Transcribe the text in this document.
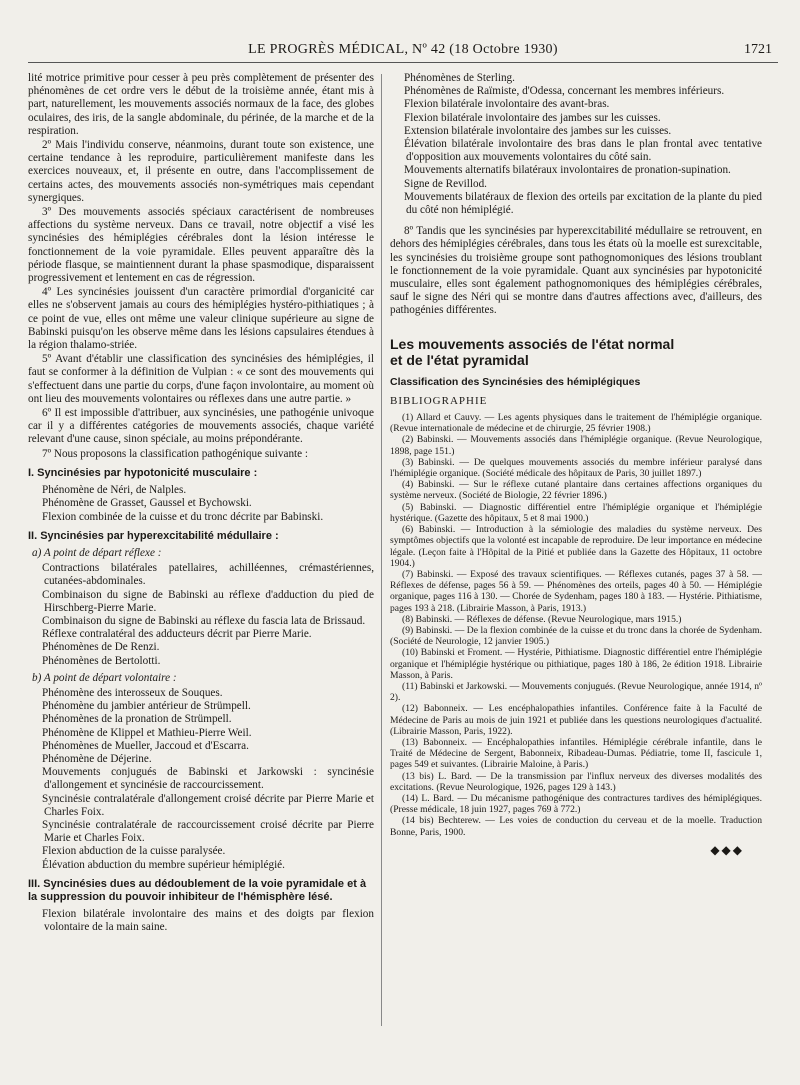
LE PROGRÈS MÉDICAL, Nº 42 (18 Octobre 1930)	1721

lité motrice primitive pour cesser à peu près complètement de présenter des phénomènes de cet ordre vers le début de la troisième année, étant mis à part, naturellement, les mouvements associés normaux de la face, des globes oculaires, des iris, de la sangle abdominale, du périnée, de la marche et de la respiration.

2º Mais l'individu conserve, néanmoins, durant toute son existence, une certaine tendance à les reproduire, particulièrement manifeste dans les exercices nouveaux, et, il présente en outre, dans l'accomplissement de certains actes, des mouvements associés non-symétriques mais cependant synergiques.

3º Des mouvements associés spéciaux caractérisent de nombreuses affections du système nerveux. Dans ce travail, notre objectif a visé les syncinésies des hémiplégies cérébrales dont la lésion intéresse le fonctionnement de la voie pyramidale. Elles peuvent apparaître dès la période flasque, se maintiennent durant la phase spasmodique, disparaissent progressivement et lentement en cas de régression.

4º Les syncinésies jouissent d'un caractère primordial d'organicité car elles ne s'observent jamais au cours des hémiplégies hystéro-pithiatiques ; à ce point de vue, elles ont même une valeur clinique supérieure au signe de Babinski puisqu'on les observe même dans les lésions capsulaires étendues à la région thalamo-striée.

5º Avant d'établir une classification des syncinésies des hémiplégies, il faut se conformer à la définition de Vulpian : « ce sont des mouvements qui s'effectuent dans une partie du corps, d'une façon involontaire, au moment où ont lieu des mouvements volontaires ou réflexes dans une autre partie. »

6º Il est impossible d'attribuer, aux syncinésies, une pathogénie univoque car il y a différentes catégories de mouvements associés, chaque variété relevant d'une cause, sinon spéciale, au moins prépondérante.

7º Nous proposons la classification pathogénique suivante :

I. Syncinésies par hypotonicité musculaire :

Phénomène de Néri, de Nalples.

Phénomène de Grasset, Gaussel et Bychowski.

Flexion combinée de la cuisse et du tronc décrite par Babinski.

II. Syncinésies par hyperexcitabilité médullaire :

a) A point de départ réflexe :

Contractions bilatérales patellaires, achilléennes, crémastériennes, cutanées-abdominales.

Combinaison du signe de Babinski au réflexe d'adduction du pied de Hirschberg-Pierre Marie.

Combinaison du signe de Babinski au réflexe du fascia lata de Brissaud.

Réflexe contralatéral des adducteurs décrit par Pierre Marie.

Phénomènes de De Renzi.

Phénomènes de Bertolotti.

b) A point de départ volontaire :

Phénomène des interosseux de Souques.

Phénomène du jambier antérieur de Strümpell.

Phénomènes de la pronation de Strümpell.

Phénomène de Klippel et Mathieu-Pierre Weil.

Phénomènes de Mueller, Jaccoud et d'Escarra.

Phénomène de Déjerine.

Mouvements conjugués de Babinski et Jarkowski : syncinésie d'allongement et syncinésie de raccourcissement.

Syncinésie contralatérale d'allongement croisé décrite par Pierre Marie et Charles Foix.

Syncinésie contralatérale de raccourcissement croisé décrite par Pierre Marie et Charles Foix.

Flexion abduction de la cuisse paralysée.

Élévation abduction du membre supérieur hémiplégié.

III. Syncinésies dues au dédoublement de la voie pyramidale et à la suppression du pouvoir inhibiteur de l'hémisphère lésé.

Flexion bilatérale involontaire des mains et des doigts par flexion volontaire de la main saine.

Phénomènes de Sterling.

Phénomènes de Raïmiste, d'Odessa, concernant les membres inférieurs.

Flexion bilatérale involontaire des avant-bras.

Flexion bilatérale involontaire des jambes sur les cuisses.

Extension bilatérale involontaire des jambes sur les cuisses.

Élévation bilatérale involontaire des bras dans le plan frontal avec tentative d'opposition aux mouvements volontaires du côté sain.

Mouvements alternatifs bilatéraux involontaires de pronation-supination.

Signe de Revillod.

Mouvements bilatéraux de flexion des orteils par excitation de la plante du pied du côté non hémiplégié.

8º Tandis que les syncinésies par hyperexcitabilité médullaire se retrouvent, en dehors des hémiplégies cérébrales, dans tous les états où la moelle est surexcitable, les syncinésies du troisième groupe sont pathognomoniques des lésions troublant le fonctionnement de la voie pyramidale. Quant aux syncinésies par hypotonicité musculaire, elles sont également pathognomoniques des hémiplégies cérébrales, sauf le signe des Néri qui se montre dans d'autres affections avec, d'ailleurs, des pathogénies différentes.

Les mouvements associés de l'état normal

et de l'état pyramidal

Classification des Syncinésies des hémiplégiques

BIBLIOGRAPHIE

(1) Allard et Cauvy. — Les agents physiques dans le traitement de l'hémiplégie organique. (Revue internationale de médecine et de chirurgie, 25 février 1908.)

(2) Babinski. — Mouvements associés dans l'hémiplégie organique. (Revue Neurologique, 1898, page 151.)

(3) Babinski. — De quelques mouvements associés du membre inférieur paralysé dans l'hémiplégie organique. (Société médicale des hôpitaux de Paris, 30 juillet 1897.)

(4) Babinski. — Sur le réflexe cutané plantaire dans certaines affections organiques du système nerveux. (Société de Biologie, 22 février 1896.)

(5) Babinski. — Diagnostic différentiel entre l'hémiplégie organique et l'hémiplégie hystérique. (Gazette des hôpitaux, 5 et 8 mai 1900.)

(6) Babinski. — Introduction à la sémiologie des maladies du système nerveux. Des symptômes objectifs que la volonté est incapable de reproduire. De leur importance en médecine légale. (Leçon faite à l'Hôpital de la Pitié et publiée dans la Gazette des Hôpitaux, 11 octobre 1904.)

(7) Babinski. — Exposé des travaux scientifiques. — Réflexes cutanés, pages 37 à 58. — Réflexes de défense, pages 56 à 59. — Phénomènes des orteils, pages 40 à 50. — Hémiplégie organique, pages 116 à 130. — Chorée de Sydenham, pages 180 à 183. — Hystérie. Pithiatisme, pages 193 à 218. (Librairie Masson, à Paris, 1913.)

(8) Babinski. — Réflexes de défense. (Revue Neurologique, mars 1915.)

(9) Babinski. — De la flexion combinée de la cuisse et du tronc dans la chorée de Sydenham. (Société de Neurologie, 12 janvier 1905.)

(10) Babinski et Froment. — Hystérie, Pithiatisme. Diagnostic différentiel entre l'hémiplégie organique et l'hémiplégie hystérique ou pithiatique, pages 180 à 186, 2e édition 1918. Librairie Masson, à Paris.

(11) Babinski et Jarkowski. — Mouvements conjugués. (Revue Neurologique, année 1914, nº 2).

(12) Babonneix. — Les encéphalopathies infantiles. Conférence faite à la Faculté de Médecine de Paris au mois de juin 1921 et publiée dans les questions neurologiques d'actualité. (Librairie Masson, Paris, 1922).

(13) Babonneix. — Encéphalopathies infantiles. Hémiplégie cérébrale infantile, dans le Traité de Médecine de Sergent, Babonneix, Ribadeau-Dumas. Pédiatrie, tome II, fascicule 1, pages 549 et suivantes. (Librairie Maloine, à Paris.)

(13 bis) L. Bard. — De la transmission par l'influx nerveux des diverses modalités des excitations. (Revue Neurologique, 1926, pages 129 à 143.)

(14) L. Bard. — Du mécanisme pathogénique des contractures tardives des hémiplégiques. (Presse médicale, 18 juin 1927, pages 769 à 772.)

(14 bis) Bechterew. — Les voies de conduction du cerveau et de la moelle. Traduction Bonne, Paris, 1900.

◆◆◆
